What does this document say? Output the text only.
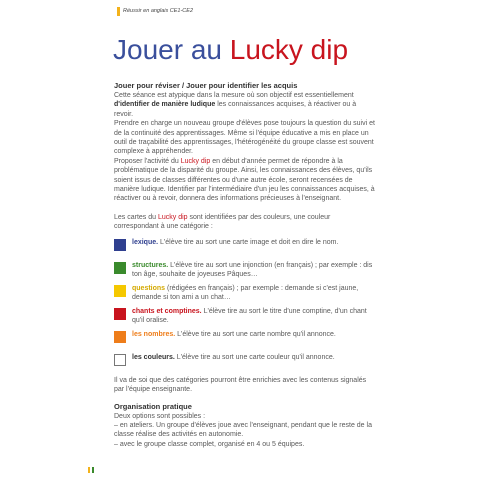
Réussir en anglais CE1-CE2
Jouer au Lucky dip
Jouer pour réviser / Jouer pour identifier les acquis

Cette séance est atypique dans la mesure où son objectif est essentiellement d'identifier de manière ludique les connaissances acquises, à réactiver ou à revoir.

Prendre en charge un nouveau groupe d'élèves pose toujours la question du suivi et de la continuité des apprentissages. Même si l'équipe éducative a mis en place un outil de traçabilité des apprentissages, l'hétérogénéité du groupe classe est souvent complexe à appréhender.

Proposer l'activité du Lucky dip en début d'année permet de répondre à la problématique de la disparité du groupe. Ainsi, les connaissances des élèves, qu'ils soient issus de classes différentes ou d'une autre école, seront recensées de manière ludique. Identifier par l'intermédiaire d'un jeu les connaissances acquises, à réactiver ou à revoir, donnera des informations précieuses à l'enseignant.

Les cartes du Lucky dip sont identifiées par des couleurs, une couleur correspondant à une catégorie :

lexique. L'élève tire au sort une carte image et doit en dire le nom.
structures. L'élève tire au sort une injonction (en français) ; par exemple : dis ton âge, souhaite de joyeuses Pâques…
questions (rédigées en français) ; par exemple : demande si c'est jaune, demande si ton ami a un chat…
chants et comptines. L'élève tire au sort le titre d'une comptine, d'un chant qu'il oralise.
les nombres. L'élève tire au sort une carte nombre qu'il annonce.
les couleurs. L'élève tire au sort une carte couleur qu'il annonce.

Il va de soi que des catégories pourront être enrichies avec les contenus signalés par l'équipe enseignante.

Organisation pratique

Deux options sont possibles :

– en ateliers. Un groupe d'élèves joue avec l'enseignant, pendant que le reste de la classe réalise des activités en autonomie.

– avec le groupe classe complet, organisé en 4 ou 5 équipes.
